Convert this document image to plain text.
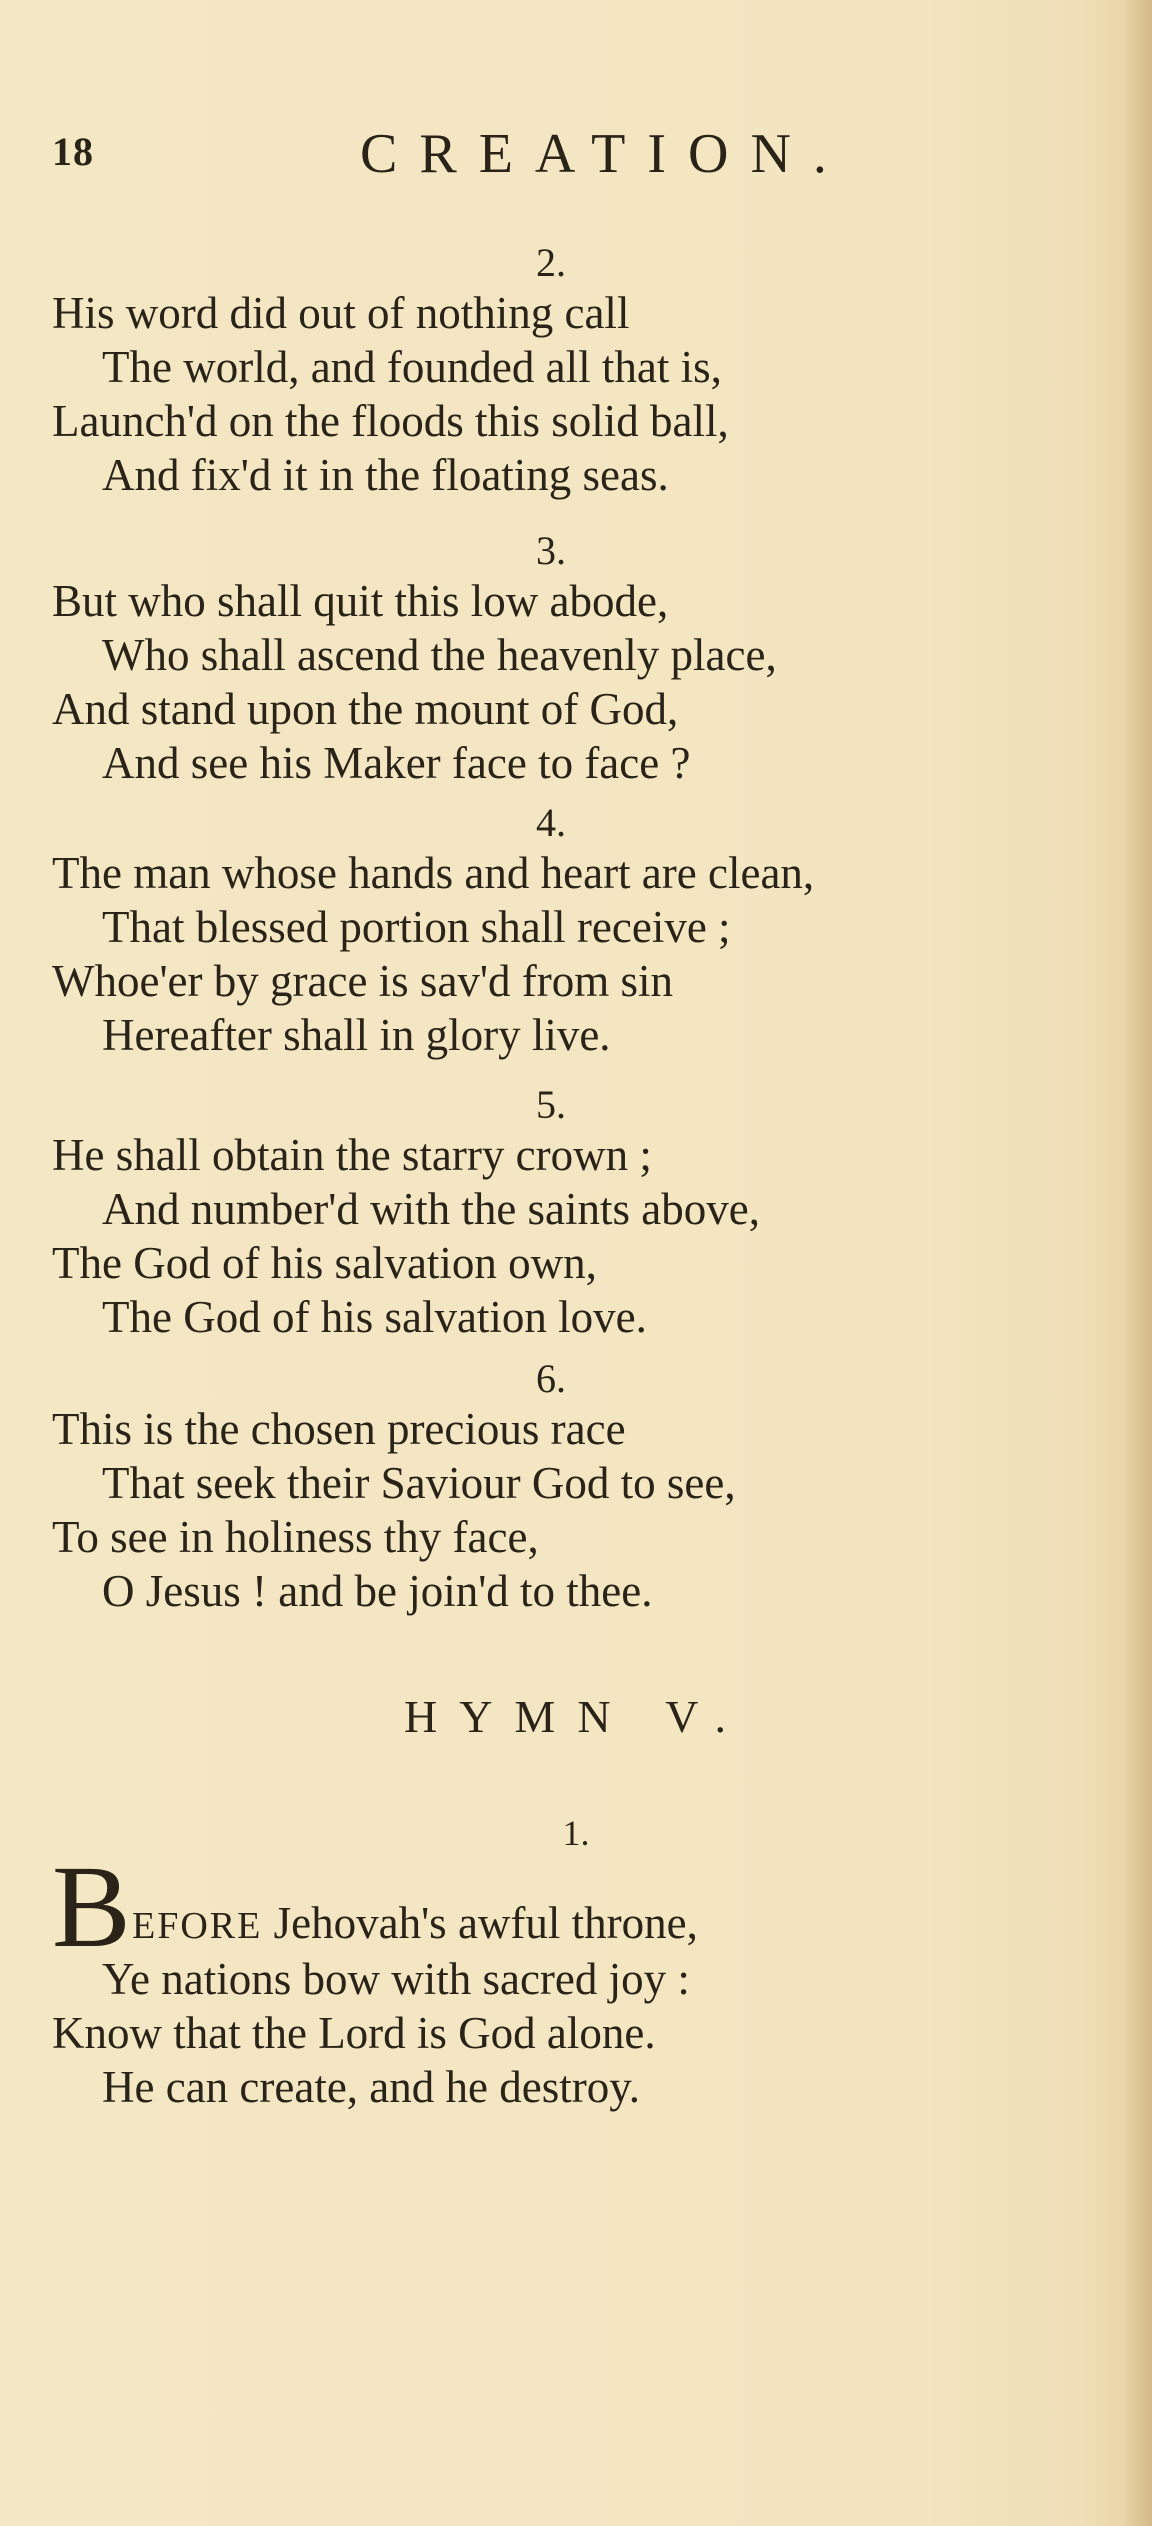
18	CREATION.
2.
His word did out of nothing call
The world, and founded all that is,
Launch'd on the floods this solid ball,
And fix'd it in the floating seas.
3.
But who shall quit this low abode,
Who shall ascend the heavenly place,
And stand upon the mount of God,
And see his Maker face to face ?
4.
The man whose hands and heart are clean,
That blessed portion shall receive ;
Whoe'er by grace is sav'd from sin
Hereafter shall in glory live.
5.
He shall obtain the starry crown ;
And number'd with the saints above,
The God of his salvation own,
The God of his salvation love.
6.
This is the chosen precious race
That seek their Saviour God to see,
To see in holiness thy face,
O Jesus ! and be join'd to thee.
HYMN V.
1.
B EFORE Jehovah's awful throne,
Ye nations bow with sacred joy :
Know that the Lord is God alone.
He can create, and he destroy.
